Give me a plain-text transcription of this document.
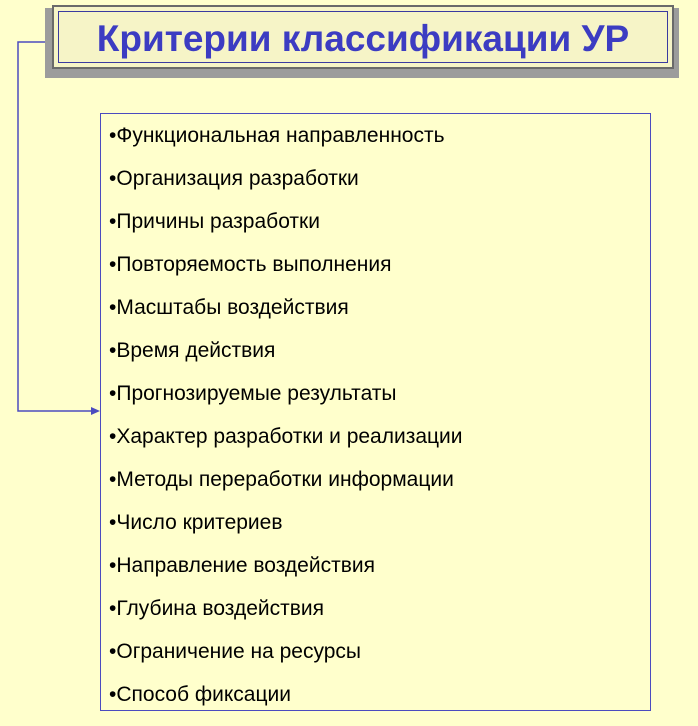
Критерии классификации УР
•Функциональная направленность
•Организация разработки
•Причины разработки
•Повторяемость выполнения
•Масштабы воздействия
•Время действия
•Прогнозируемые результаты
•Характер разработки и реализации
•Методы переработки информации
•Число критериев
•Направление воздействия
•Глубина воздействия
•Ограничение на ресурсы
•Способ фиксации
